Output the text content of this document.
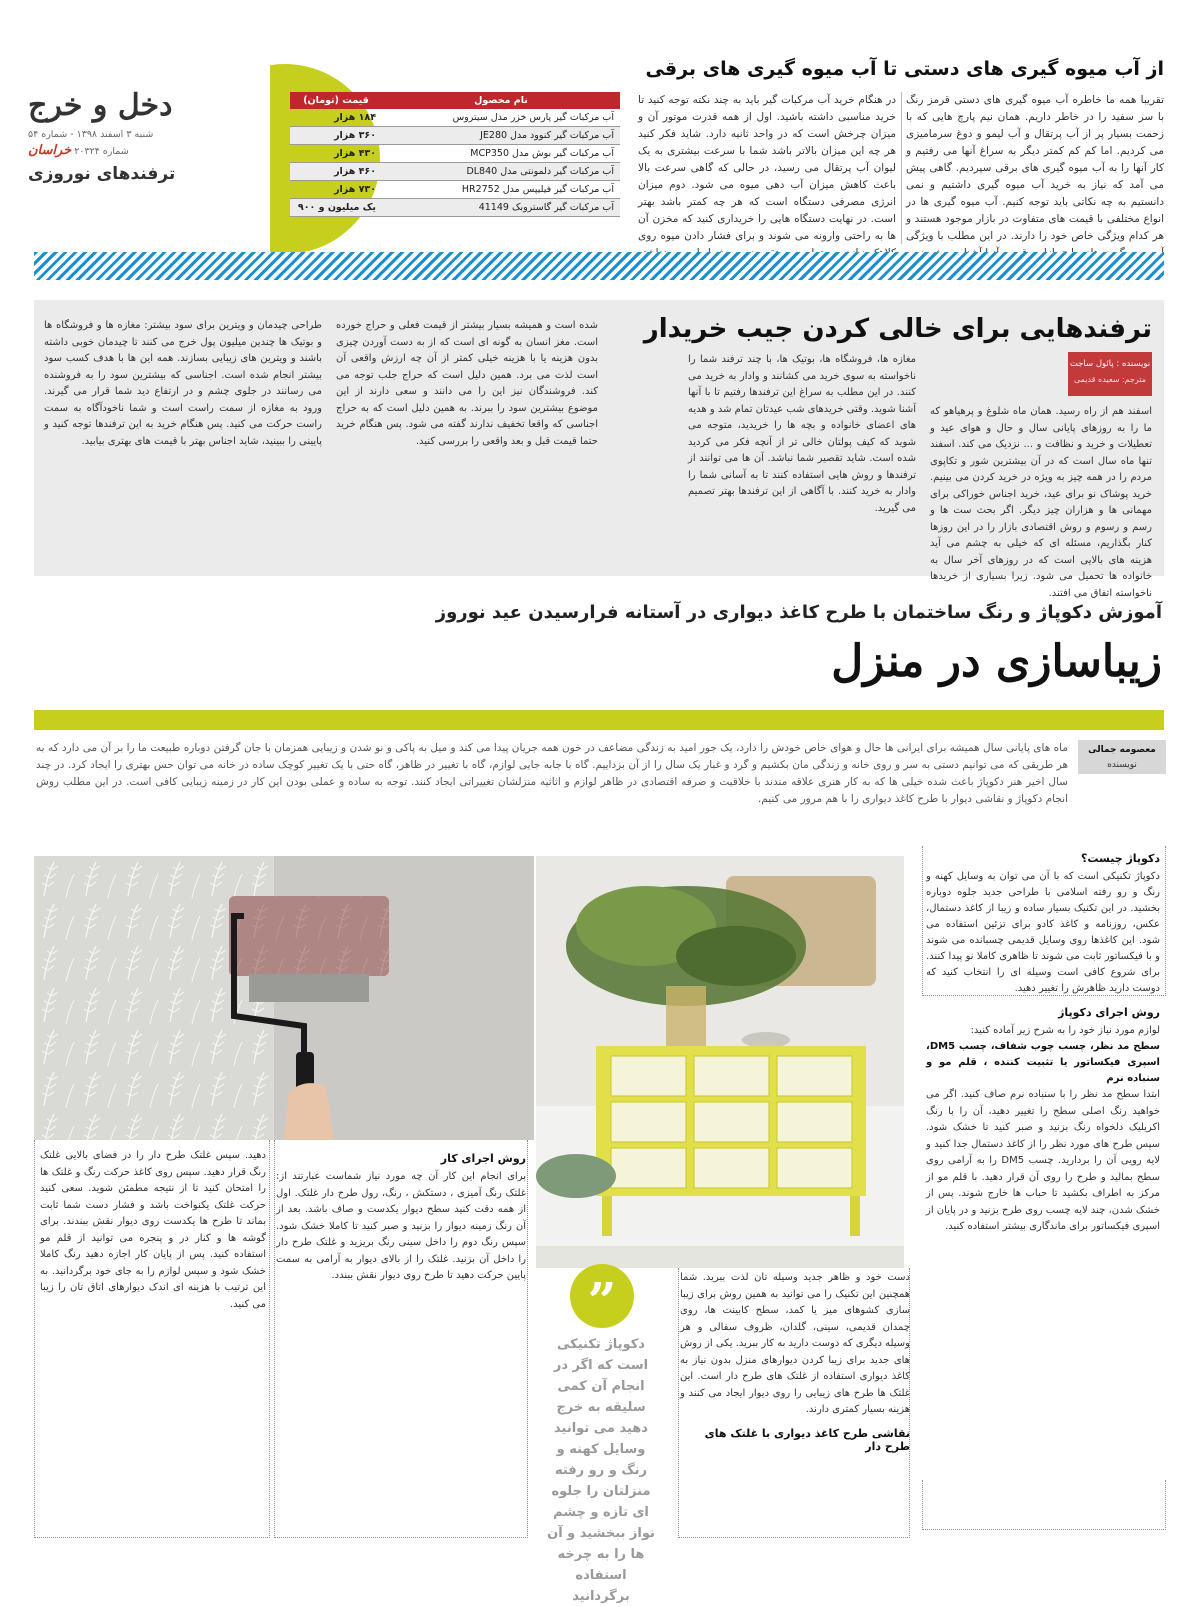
۳
دخل و خرج
شنبه ۳ اسفند ۱۳۹۸ - شماره ۵۴
شماره ۲۰۳۲۴ خراسان
ترفندهای نوروزی
از آب میوه گیری های دستی تا آب میوه گیری های برقی
تقریبا همه ما خاطره آب میوه گیری های دستی قرمز رنگ با سر سفید را در خاطر داریم. همان نیم پارچ هایی که با زحمت بسیار پر از آب پرتقال و آب لیمو و دوغ سرمامیزی می کردیم. اما کم کم کمتر دیگر به سراغ آنها می رفتیم و کار آنها را به آب میوه گیری های برقی سپردیم. گاهی پیش می آمد که نیاز به خرید آب میوه گیری داشتیم و نمی دانستیم به چه نکاتی باید توجه کنیم. آب میوه گیری ها در انواع مختلفی با قیمت های متفاوت در بازار موجود هستند و هر کدام ویژگی خاص خود را دارند. در این مطلب با ویژگی
در هنگام خرید آب مرکبات گیر باید به چند نکته توجه کنید تا خرید مناسبی داشته باشید. اول از همه قدرت موتور آن و میزان چرخش است که در واحد ثانیه دارد. شاید فکر کنید هر چه این میزان بالاتر باشد شما با سرعت بیشتری به یک لیوان آب پرتقال می رسید، در حالی که گاهی سرعت بالا باعث کاهش میزان آب دهی میوه می شود. دوم میزان انرژی مصرفی دستگاه است که هر چه کمتر باشد بهتر است. در نهایت دستگاه هایی را خریداری کنید که مخزن آن ها به راحتی وارونه می شوند و برای فشار دادن میوه روی
نام محصول	قیمت (تومان)
آب مرکبات گیر پارس خزر مدل سیتروس	۱۸۴ هزار
آب مرکبات گیر کنوود مدل JE280	۳۶۰ هزار
آب مرکبات گیر بوش مدل MCP350	۴۳۰ هزار
آب مرکبات گیر دلمونتی مدل DL840	۴۶۰ هزار
آب مرکبات گیر فیلیپس مدل HR2752	۷۳۰ هزار
آب مرکبات گیر گاستروبک 41149	یک میلیون و ۹۰۰
ترفندهایی برای خالی کردن جیب خریدار
نویسنده : پائول ساجت
مترجم: سعیده قدیمی
اسفند هم از راه رسید. همان ماه شلوغ و پرهیاهو که ما را به روزهای پایانی سال و حال و هوای عید و تعطیلات و خرید و نظافت و ... نزدیک می کند. اسفند تنها ماه سال است که در آن بیشترین شور و تکاپوی مردم را در همه چیز به ویژه در خرید کردن می بینیم. خرید پوشاک نو برای عید، خرید اجناس خوراکی برای مهمانی ها و هزاران چیز دیگر. اگر بحث ست ها و رسم و رسوم و روش اقتصادی بازار را در این روزها کنار بگذاریم، مسئله ای که خیلی به چشم می آید هزینه های بالایی است که در روزهای آخر سال به خانواده ها تحمیل می شود. زیرا بسیاری از خریدها ناخواسته اتفاق می افتند.
مغازه ها، فروشگاه ها، بوتیک ها، با چند ترفند شما را ناخواسته به سوی خرید می کشانند و وادار به خرید می کنند. در این مطلب به سراغ این ترفندها رفتیم تا با آنها آشنا شوید. وقتی خریدهای شب عیدتان تمام شد و هدیه های اعضای خانواده و بچه ها را خریدید، متوجه می شوید که کیف پولتان خالی تر از آنچه فکر می کردید شده است. شاید تقصیر شما نباشد. آن ها می توانند از ترفندها و روش هایی استفاده کنند تا به آسانی شما را وادار به خرید کنند. با آگاهی از این ترفندها بهتر تصمیم می گیرید.
شده است و همیشه بسیار بیشتر از قیمت فعلی و حراج خورده است. مغز انسان به گونه ای است که از به دست آوردن چیزی بدون هزینه یا با هزینه خیلی کمتر از آن چه ارزش واقعی آن است لذت می برد. همین دلیل است که حراج جلب توجه می کند. فروشندگان نیز این را می دانند و سعی دارند از این موضوع بیشترین سود را ببرند. به همین دلیل است که به حراج اجناسی که واقعا تخفیف ندارند گفته می شود. پس هنگام خرید حتما قیمت قبل و بعد واقعی را بررسی کنید.
طراحی چیدمان و ویترین برای سود بیشتر: مغازه ها و فروشگاه ها و بوتیک ها چندین میلیون پول خرج می کنند تا چیدمان خوبی داشته باشند و ویترین های زیبایی بسازند. همه این ها با هدف کسب سود بیشتر انجام شده است. اجناسی که بیشترین سود را به فروشنده می رسانند در جلوی چشم و در ارتفاع دید شما قرار می گیرند. ورود به مغازه از سمت راست است و شما ناخودآگاه به سمت راست حرکت می کنید. پس هنگام خرید به این ترفندها توجه کنید و پایینی را ببینید، شاید اجناس بهتر با قیمت های بهتری بیابید.
آموزش دکوپاژ و رنگ ساختمان با طرح کاغذ دیواری در آستانه فرارسیدن عید نوروز
زیباسازی در منزل
معصومه جمالی
نویسنده
ماه های پایانی سال همیشه برای ایرانی ها حال و هوای خاص خودش را دارد، یک جور امید به زندگی مضاعف در خون همه جریان پیدا می کند و میل به پاکی و نو شدن و زیبایی همزمان با جان گرفتن دوباره طبیعت ما را بر آن می دارد که به هر طریقی که می توانیم دستی به سر و روی خانه و زندگی مان بکشیم و گرد و غبار یک سال را از آن بزداییم. گاه با جابه جایی لوازم، گاه با تغییر در ظاهر، گاه حتی با یک تغییر کوچک ساده در خانه می توان حس بهتری را ایجاد کرد. در چند سال اخیر هنر دکوپاژ باعث شده خیلی ها که به کار هنری علاقه مندند با خلاقیت و صرفه اقتصادی در ظاهر لوازم و اثاثیه منزلشان تغییراتی ایجاد کنند. توجه به ساده و عملی بودن این کار در زمینه زیبایی کافی است. در این مطلب روش انجام دکوپاژ و نقاشی دیوار با طرح کاغذ دیواری را با هم مرور می کنیم.
”
دکوپاژ تکنیکی است که اگر در انجام آن کمی سلیقه به خرج دهید می توانید وسایل کهنه و رنگ و رو رفته منزلتان را جلوه ای تازه و چشم نواز ببخشید و آن ها را به چرخه استفاده برگردانید
دکوپاژ چیست؟
دکوپاژ تکنیکی است که با آن می توان به وسایل کهنه و رنگ و رو رفته اسلامی با طراحی جدید جلوه دوباره بخشید. در این تکنیک بسیار ساده و زیبا از کاغذ دستمال، عکس، روزنامه و کاغذ کادو برای تزئین استفاده می شود. این کاغذها روی وسایل قدیمی چسبانده می شوند و با فیکساتور ثابت می شوند تا ظاهری کاملا نو پیدا کنند. برای شروع کافی است وسیله ای را انتخاب کنید که دوست دارید ظاهرش را تغییر دهید.
روش اجرای دکوپاژ
لوازم مورد نیاز خود را به شرح زیر آماده کنید:
سطح مد نظر، چسب چوب شفاف، چسب DM5، اسپری فیکساتور یا تثبیت کننده ، قلم مو و سنباده نرم
ابتدا سطح مد نظر را با سنباده نرم صاف کنید. اگر می خواهید رنگ اصلی سطح را تغییر دهید، آن را با رنگ اکریلیک دلخواه رنگ بزنید و صبر کنید تا خشک شود. سپس طرح های مورد نظر را از کاغذ دستمال جدا کنید و لایه رویی آن را بردارید. چسب DM5 را به آرامی روی سطح بمالید و طرح را روی آن قرار دهید. با قلم مو از مرکز به اطراف بکشید تا حباب ها خارج شوند. پس از خشک شدن، چند لایه چسب روی طرح بزنید و در پایان از اسپری فیکساتور برای ماندگاری بیشتر استفاده کنید.
دست خود و ظاهر جدید وسیله تان لذت ببرید. شما همچنین این تکنیک را می توانید به همین روش برای زیبا سازی کشوهای میز یا کمد، سطح کابینت ها، روی چمدان قدیمی، سینی، گلدان، ظروف سفالی و هر وسیله دیگری که دوست دارید به کار ببرید. یکی از روش های جدید برای زیبا کردن دیوارهای منزل بدون نیاز به کاغذ دیواری استفاده از غلتک های طرح دار است. این غلتک ها طرح های زیبایی را روی دیوار ایجاد می کنند و هزینه بسیار کمتری دارند.
نقاشی طرح کاغذ دیواری با غلتک های طرح دار
روش اجرای کار
برای انجام این کار آن چه مورد نیاز شماست عبارتند از: غلتک رنگ آمیزی ، دستکش ، رنگ، رول طرح دار غلتک. اول از همه دقت کنید سطح دیوار یکدست و صاف باشد. بعد از آن رنگ زمینه دیوار را بزنید و صبر کنید تا کاملا خشک شود. سپس رنگ دوم را داخل سینی رنگ بریزید و غلتک طرح دار را داخل آن بزنید. غلتک را از بالای دیوار به آرامی به سمت پایین حرکت دهید تا طرح روی دیوار نقش ببندد.
دهید. سپس غلتک طرح دار را در فضای بالایی غلتک رنگ قرار دهید. سپس روی کاغذ حرکت رنگ و غلتک ها را امتحان کنید تا از نتیجه مطمئن شوید. سعی کنید حرکت غلتک یکنواخت باشد و فشار دست شما ثابت بماند تا طرح ها یکدست روی دیوار نقش ببندند. برای گوشه ها و کنار در و پنجره می توانید از قلم مو استفاده کنید. پس از پایان کار اجازه دهید رنگ کاملا خشک شود و سپس لوازم را به جای خود برگردانید. به این ترتیب با هزینه ای اندک دیوارهای اتاق تان را زیبا می کنید.
